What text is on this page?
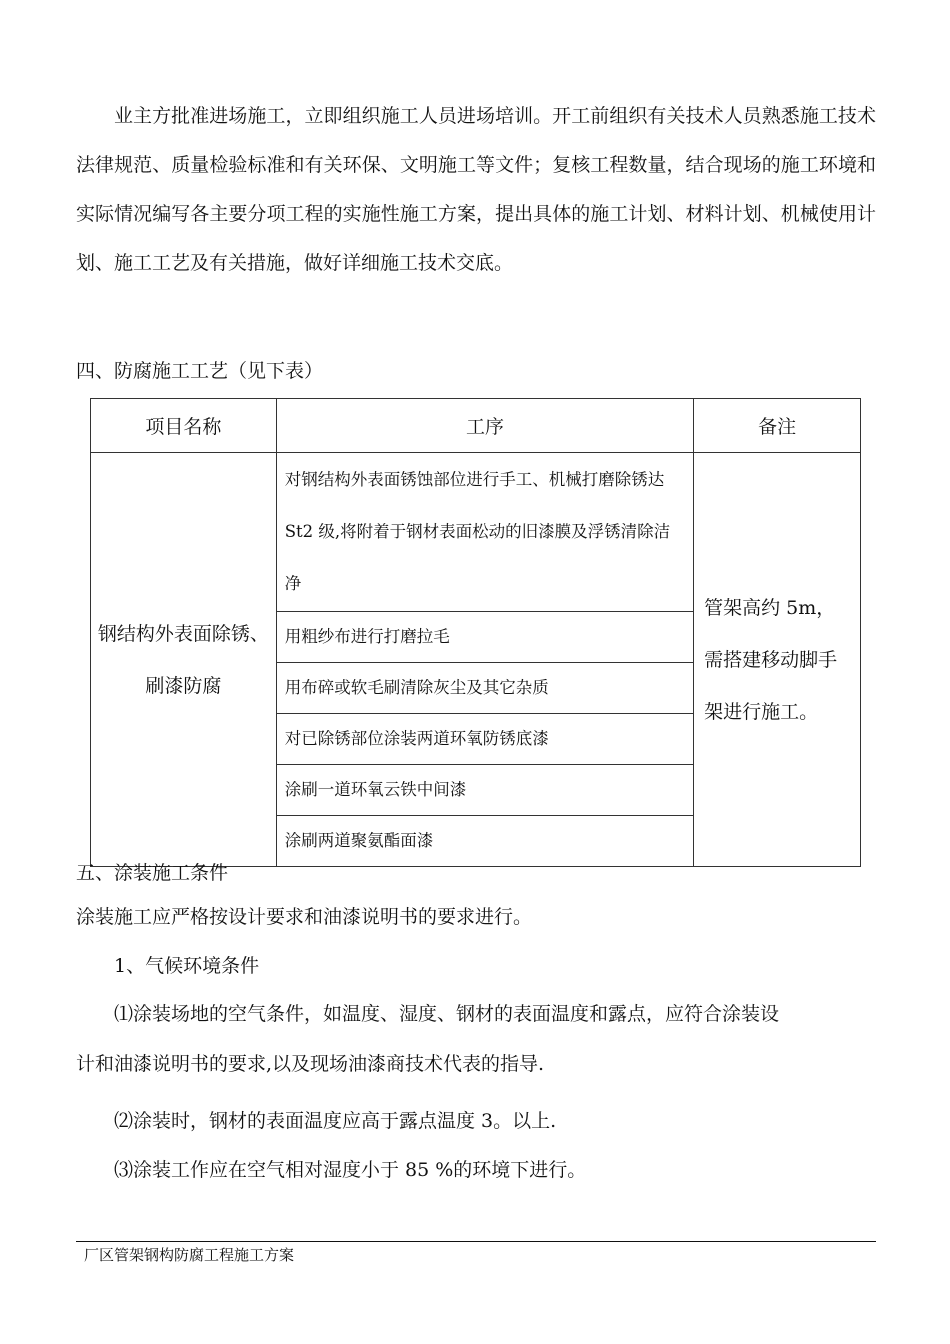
业主方批准进场施工，立即组织施工人员进场培训。开工前组织有关技术人员熟悉施工技术法律规范、质量检验标准和有关环保、文明施工等文件；复核工程数量，结合现场的施工环境和实际情况编写各主要分项工程的实施性施工方案，提出具体的施工计划、材料计划、机械使用计划、施工工艺及有关措施，做好详细施工技术交底。

四、防腐施工工艺（见下表）
项目名称	工序	备注
钢结构外表面除锈、刷漆防腐	对钢结构外表面锈蚀部位进行手工、机械打磨除锈达 St2 级,将附着于钢材表面松动的旧漆膜及浮锈清除洁净	管架高约 5m，需搭建移动脚手架进行施工。
	用粗纱布进行打磨拉毛	
	用布碎或软毛刷清除灰尘及其它杂质	
	对已除锈部位涂装两道环氧防锈底漆	
	涂刷一道环氧云铁中间漆	
	涂刷两道聚氨酯面漆	
五、涂装施工条件
涂装施工应严格按设计要求和油漆说明书的要求进行。
1、气候环境条件
⑴涂装场地的空气条件，如温度、湿度、钢材的表面温度和露点，应符合涂装设
计和油漆说明书的要求,以及现场油漆商技术代表的指导.
⑵涂装时，钢材的表面温度应高于露点温度 3。以上.
⑶涂装工作应在空气相对湿度小于 85 %的环境下进行。
厂区管架钢构防腐工程施工方案
